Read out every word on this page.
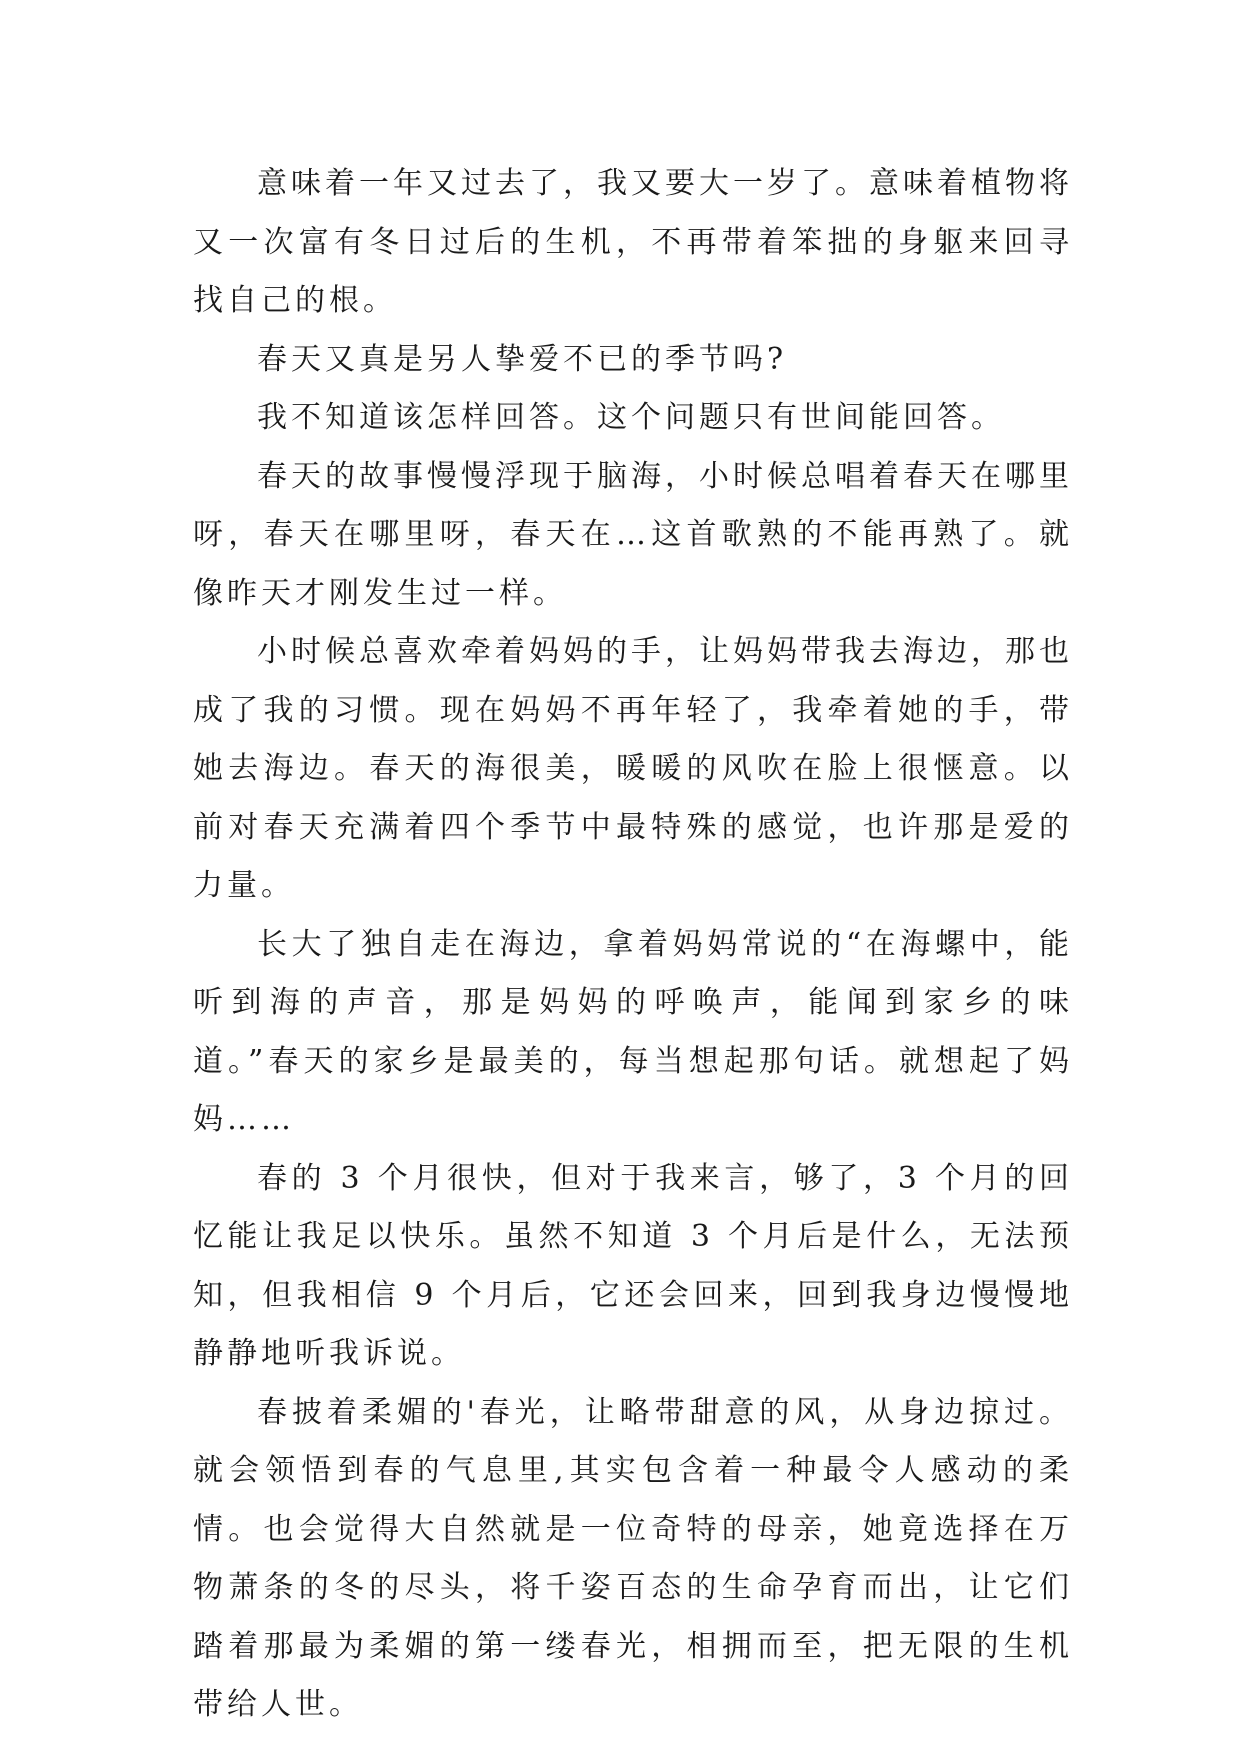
意味着一年又过去了，我又要大一岁了。意味着植物将又一次富有冬日过后的生机，不再带着笨拙的身躯来回寻找自己的根。

春天又真是另人挚爱不已的季节吗?

我不知道该怎样回答。这个问题只有世间能回答。

春天的故事慢慢浮现于脑海，小时候总唱着春天在哪里呀，春天在哪里呀，春天在…这首歌熟的不能再熟了。就像昨天才刚发生过一样。

小时候总喜欢牵着妈妈的手，让妈妈带我去海边，那也成了我的习惯。现在妈妈不再年轻了，我牵着她的手，带她去海边。春天的海很美，暖暖的风吹在脸上很惬意。以前对春天充满着四个季节中最特殊的感觉，也许那是爱的力量。

长大了独自走在海边，拿着妈妈常说的“在海螺中，能听到海的声音，那是妈妈的呼唤声，能闻到家乡的味道。”春天的家乡是最美的，每当想起那句话。就想起了妈妈……

春的 3 个月很快，但对于我来言，够了，3 个月的回忆能让我足以快乐。虽然不知道 3 个月后是什么，无法预知，但我相信 9 个月后，它还会回来，回到我身边慢慢地静静地听我诉说。

春披着柔媚的'春光，让略带甜意的风，从身边掠过。就会领悟到春的气息里,其实包含着一种最令人感动的柔情。也会觉得大自然就是一位奇特的母亲，她竟选择在万物萧条的冬的尽头，将千姿百态的生命孕育而出，让它们踏着那最为柔媚的第一缕春光，相拥而至，把无限的生机带给人世。
